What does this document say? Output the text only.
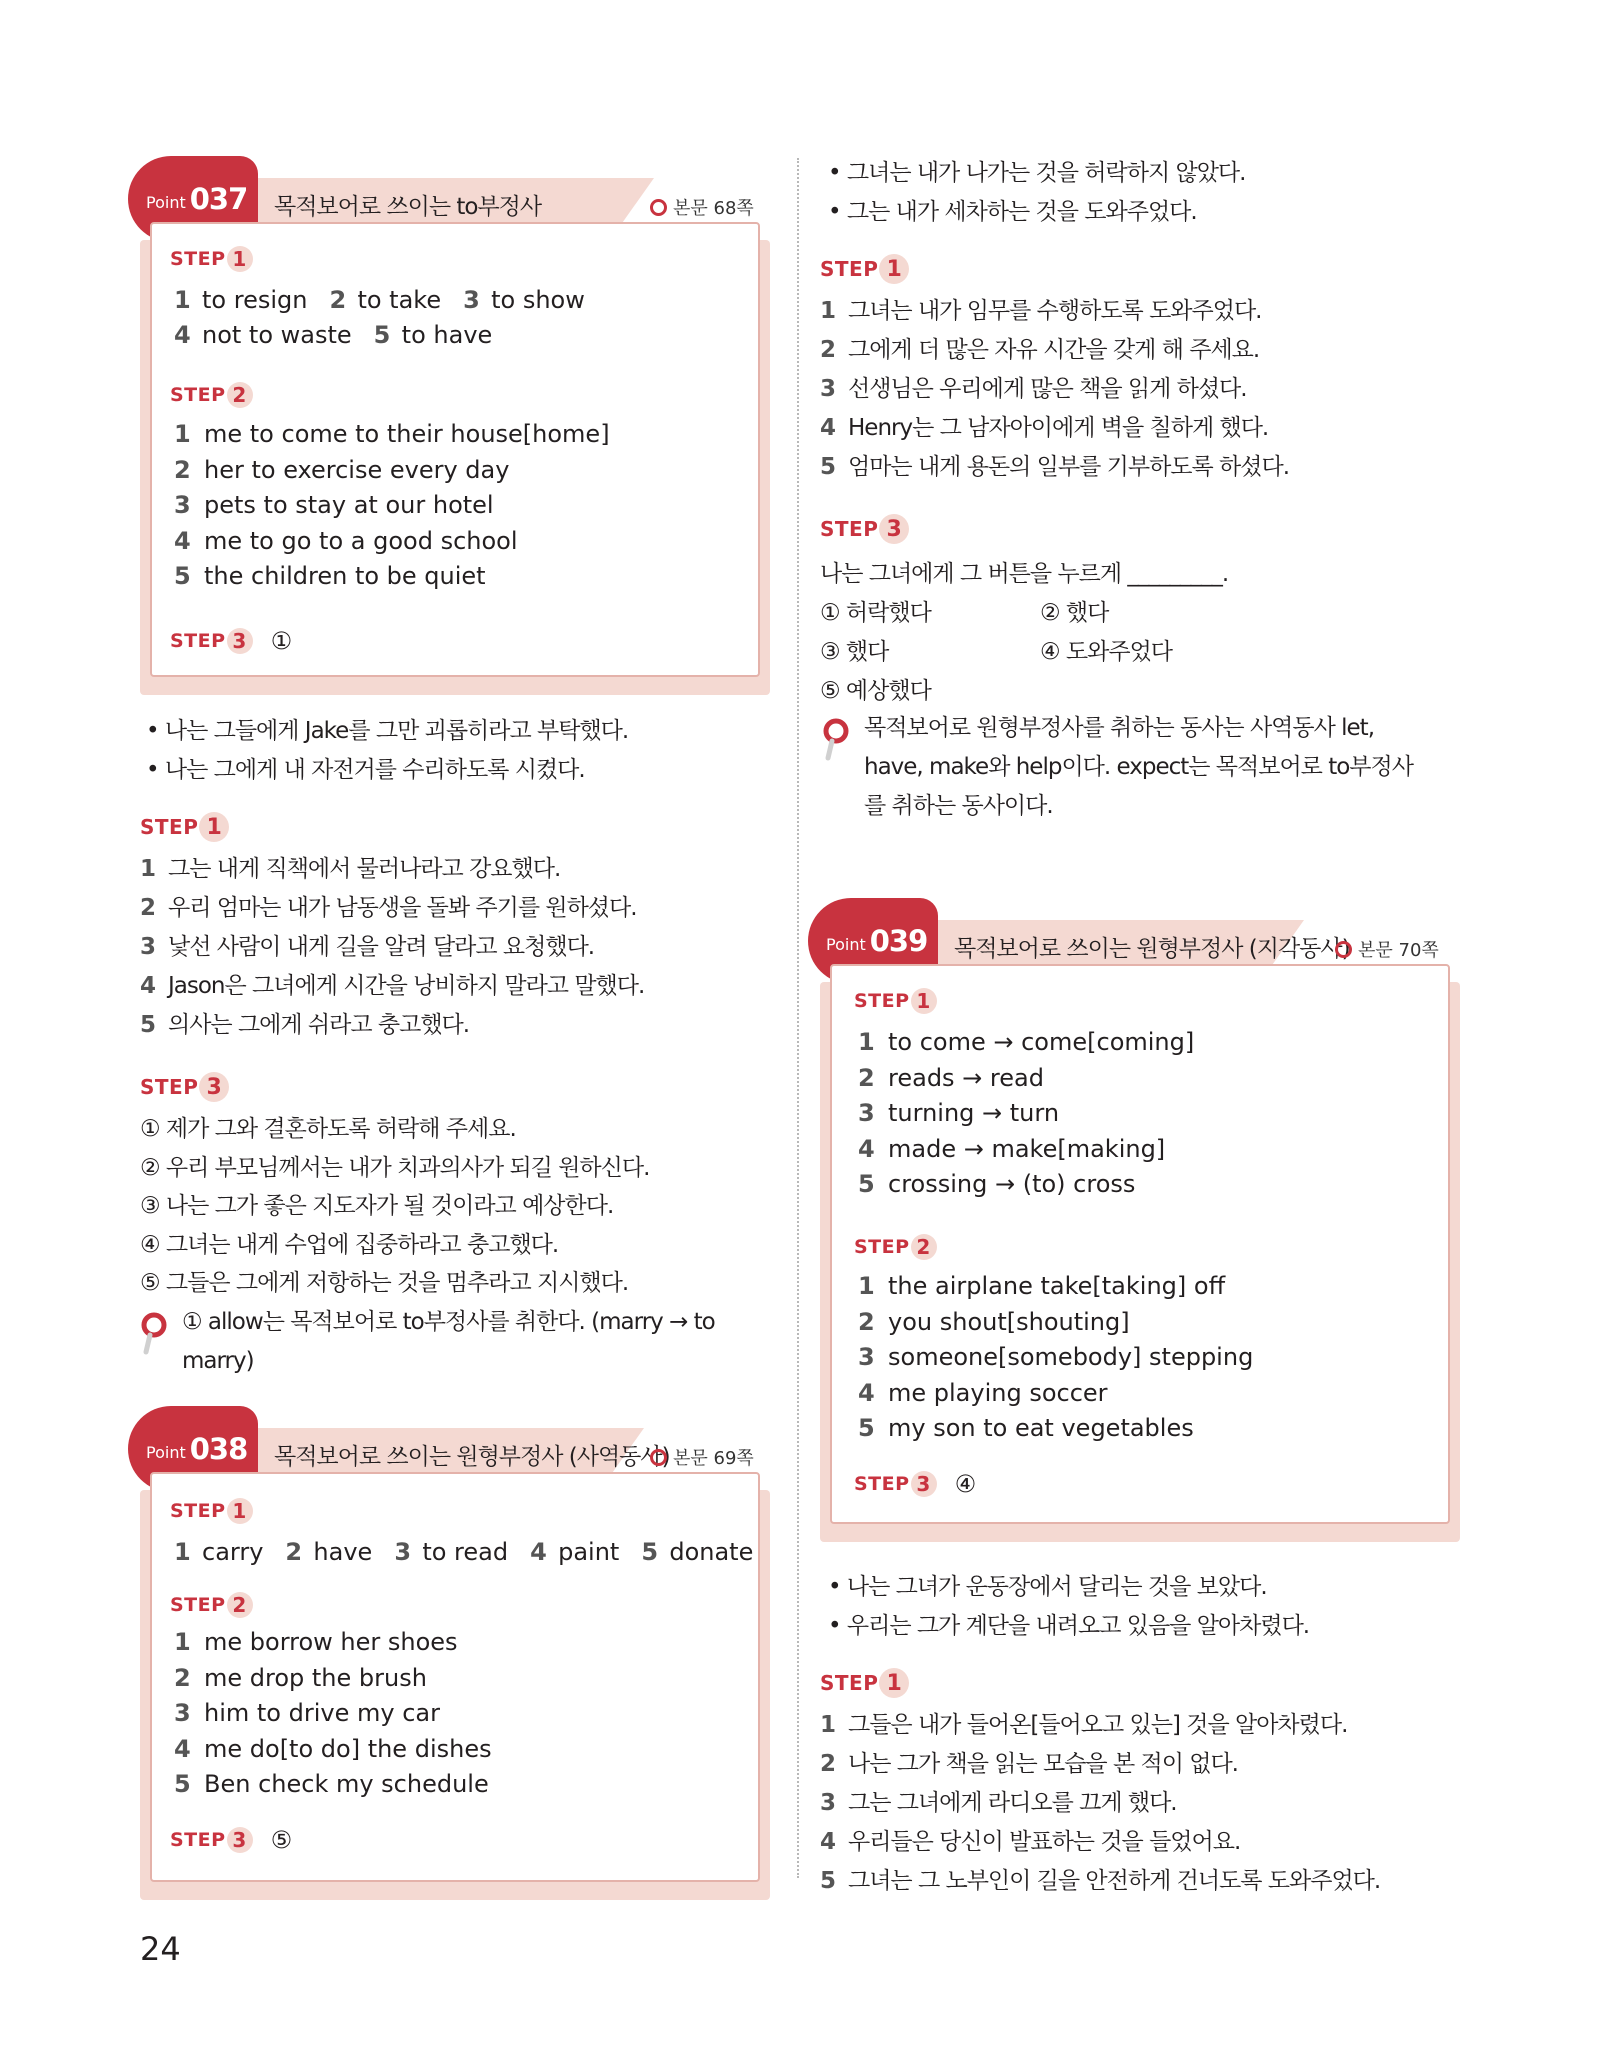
Point 037 목적보어로 쓰이는 to부정사	본문 68쪽
STEP 1
1 to resign 2 to take 3 to show
4 not to waste 5 to have
STEP 2
1 me to come to their house[home]
2 her to exercise every day
3 pets to stay at our hotel
4 me to go to a good school
5 the children to be quiet
STEP 3 ①
• 나는 그들에게 Jake를 그만 괴롭히라고 부탁했다.
• 나는 그에게 내 자전거를 수리하도록 시켰다.
STEP 1
1 그는 내게 직책에서 물러나라고 강요했다.
2 우리 엄마는 내가 남동생을 돌봐 주기를 원하셨다.
3 낯선 사람이 내게 길을 알려 달라고 요청했다.
4 Jason은 그녀에게 시간을 낭비하지 말라고 말했다.
5 의사는 그에게 쉬라고 충고했다.
STEP 3
① 제가 그와 결혼하도록 허락해 주세요.
② 우리 부모님께서는 내가 치과의사가 되길 원하신다.
③ 나는 그가 좋은 지도자가 될 것이라고 예상한다.
④ 그녀는 내게 수업에 집중하라고 충고했다.
⑤ 그들은 그에게 저항하는 것을 멈추라고 지시했다.
① allow는 목적보어로 to부정사를 취한다. (marry → to
marry)
Point 038 목적보어로 쓰이는 원형부정사 (사역동사) 본문 69쪽
STEP 1
1 carry 2 have 3 to read 4 paint 5 donate
STEP 2
1 me borrow her shoes
2 me drop the brush
3 him to drive my car
4 me do[to do] the dishes
5 Ben check my schedule
STEP 3 ⑤
• 그녀는 내가 나가는 것을 허락하지 않았다.
• 그는 내가 세차하는 것을 도와주었다.
STEP 1
1 그녀는 내가 임무를 수행하도록 도와주었다.
2 그에게 더 많은 자유 시간을 갖게 해 주세요.
3 선생님은 우리에게 많은 책을 읽게 하셨다.
4 Henry는 그 남자아이에게 벽을 칠하게 했다.
5 엄마는 내게 용돈의 일부를 기부하도록 하셨다.
STEP 3
나는 그녀에게 그 버튼을 누르게 _________.
① 허락했다	② 했다
③ 했다	④ 도와주었다
⑤ 예상했다
목적보어로 원형부정사를 취하는 동사는 사역동사 let,
have, make와 help이다. expect는 목적보어로 to부정사
를 취하는 동사이다.
Point 039 목적보어로 쓰이는 원형부정사 (지각동사) 본문 70쪽
STEP 1
1 to come → come[coming]
2 reads → read
3 turning → turn
4 made → make[making]
5 crossing → (to) cross
STEP 2
1 the airplane take[taking] off
2 you shout[shouting]
3 someone[somebody] stepping
4 me playing soccer
5 my son to eat vegetables
STEP 3 ④
• 나는 그녀가 운동장에서 달리는 것을 보았다.
• 우리는 그가 계단을 내려오고 있음을 알아차렸다.
STEP 1
1 그들은 내가 들어온[들어오고 있는] 것을 알아차렸다.
2 나는 그가 책을 읽는 모습을 본 적이 없다.
3 그는 그녀에게 라디오를 끄게 했다.
4 우리들은 당신이 발표하는 것을 들었어요.
5 그녀는 그 노부인이 길을 안전하게 건너도록 도와주었다.
24
